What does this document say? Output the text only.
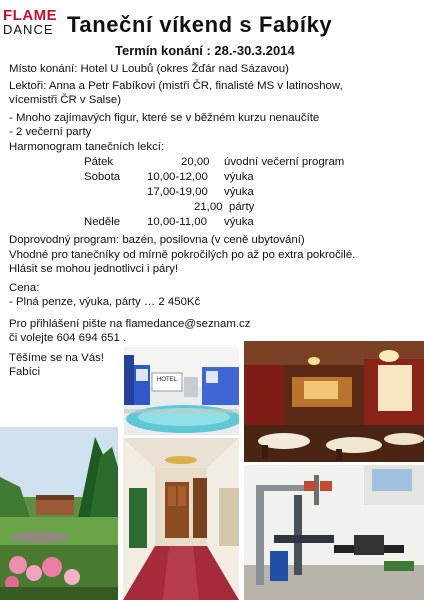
FLAME
DANCE Taneční víkend s Fabíky
Termín konání : 28.-30.3.2014
Místo konání: Hotel U Loubů (okres Žďár nad Sázavou)
Lektoři: Anna a Petr Fabíkovi (mistři ČR, finalisté MS v latinoshow,
vícemistři ČR v Salse)
- Mnoho zajímavých figur, které se v běžném kurzu nenaučíte
- 2 večerní party
Harmonogram tanečních lekcí:
Pátek	20,00 úvodní večerní program
Sobota 10,00-12,00 výuka
17,00-19,00 výuka
21,00 párty
Neděle 10,00-11,00 výuka
Doprovodný program: bazén, posilovna (v ceně ubytování)
Vhodné pro tanečníky od mírně pokročilých po až po extra pokročilé.
Hlásit se mohou jednotlivci i páry!
Cena:
- Plná penze, výuka, párty … 2 450Kč
Pro přihlášení pište na flamedance@seznam.cz
či volejte 604 694 651 .
Těšíme se na Vás!
Fabíci
HOTEL
